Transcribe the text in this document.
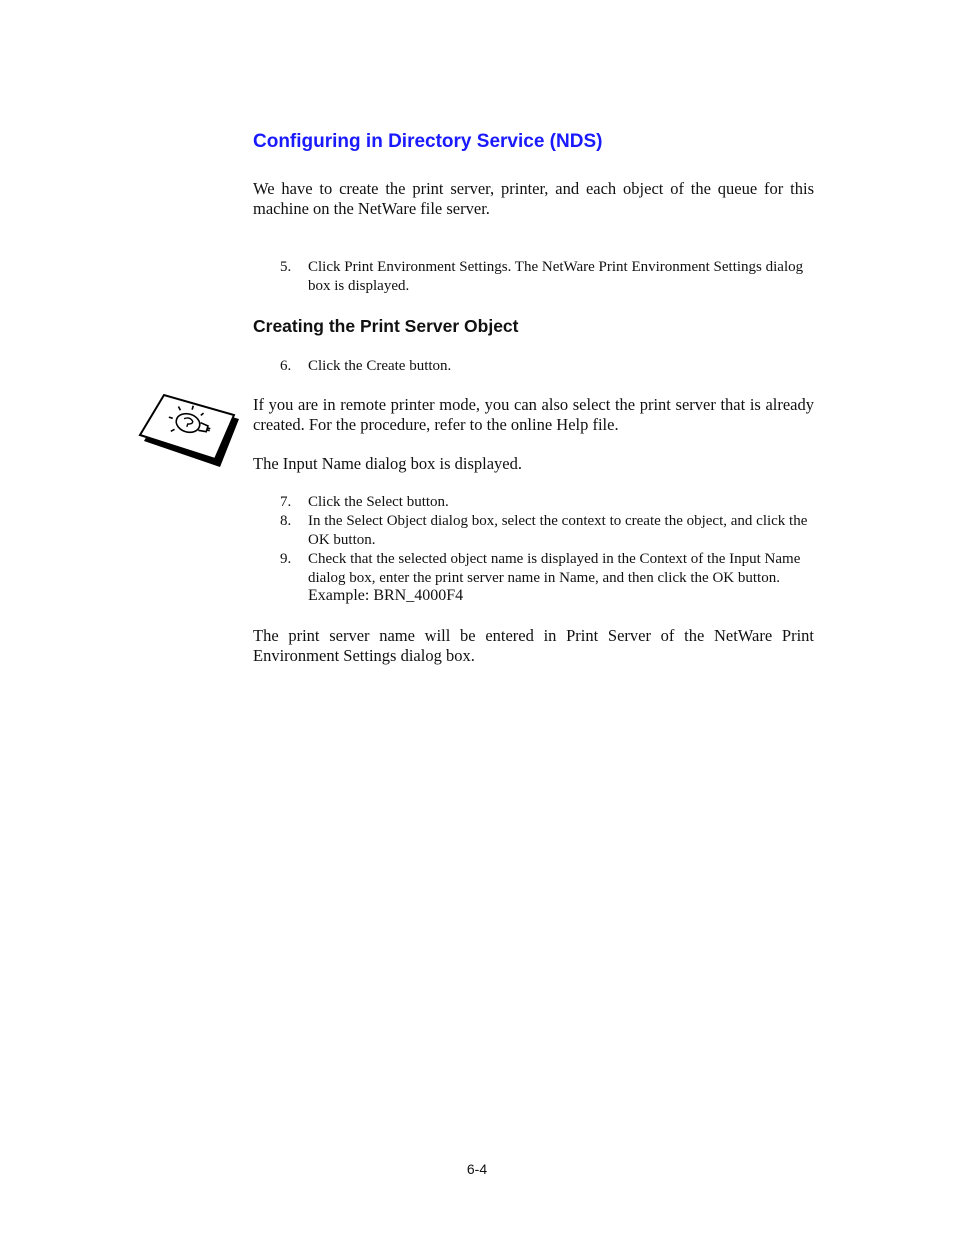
Configuring in Directory Service (NDS)

We have to create the print server, printer, and each object of the queue for this machine on the NetWare file server.

5.	Click Print Environment Settings. The NetWare Print Environment Settings dialog box is displayed.
Creating the Print Server Object
6.	Click the Create button.

If you are in remote printer mode, you can also select the print server that is already created. For the procedure, refer to the online Help file.

The Input Name dialog box is displayed.

7.	Click the Select button.
8.	In the Select Object dialog box, select the context to create the object, and click the OK button.
9.	Check that the selected object name is displayed in the Context of the Input Name dialog box, enter the print server name in Name, and then click the OK button. Example: BRN_4000F4

The print server name will be entered in Print Server of the NetWare Print Environment Settings dialog box.

6-4
